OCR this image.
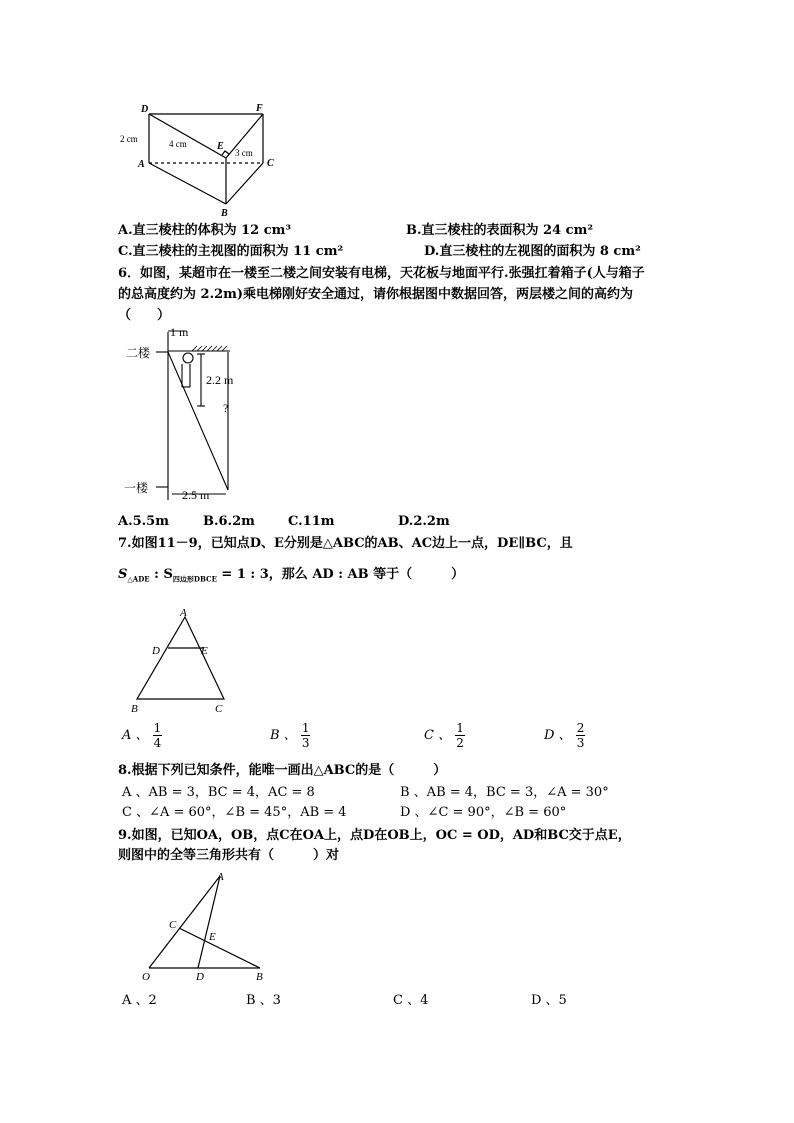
D	F
A	C
B
E
2 cm	4 cm
3 cm
A.直三棱柱的体积为 12 cm³	B.直三棱柱的表面积为 24 cm²
C.直三棱柱的主视图的面积为 11 cm²	D.直三棱柱的左视图的面积为 8 cm²
6．如图，某超市在一楼至二楼之间安装有电梯，天花板与地面平行.张强扛着箱子(人与箱子
的总高度约为 2.2m)乘电梯刚好安全通过，请你根据图中数据回答，两层楼之间的高约为
（　　）
1 m
二楼
一楼
2.2 m
?
2.5 m
A.5.5m	B.6.2m	C.11m	D.2.2m
7.如图11－9，已知点D、E分别是△ABC的AB、AC边上一点，DE∥BC，且
$S_{\triangle ADE}$ : $S_{四边形DBCE} = 1$ : 3，那么 AD : AB 等于（　　　）
A
D	E
B	C
A 、 $\frac{1}{4}$	B 、 $\frac{1}{3}$	C 、 $\frac{1}{2}$	D 、 $\frac{2}{3}$
8.根据下列已知条件，能唯一画出△ABC的是（　　　）
A 、AB = 3，BC = 4，AC = 8	B 、AB = 4，BC = 3，∠A = 30°
C 、∠A = 60°，∠B = 45°，AB = 4	D 、∠C = 90°，∠B = 60°
9.如图，已知OA，OB，点C在OA上，点D在OB上，OC = OD，AD和BC交于点E，
则图中的全等三角形共有（　　　）对
A
C
E
O	D	B
A 、2	B 、3	C 、4	D 、5
